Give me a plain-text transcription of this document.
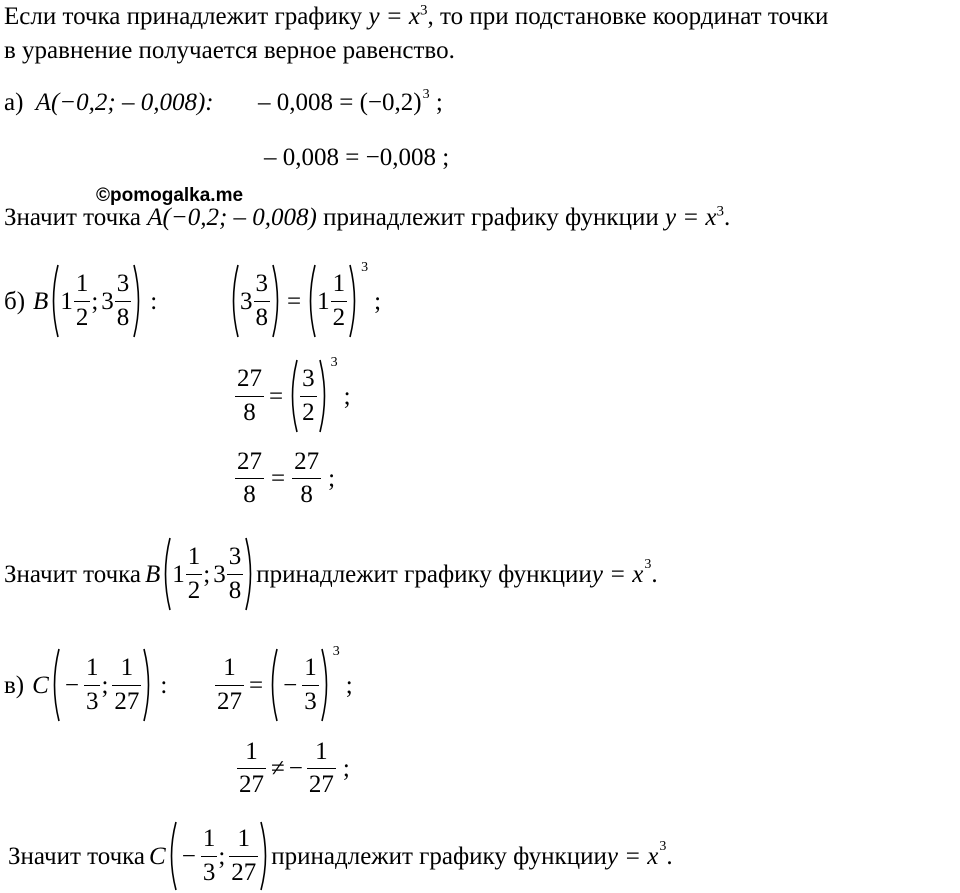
Если точка принадлежит графику $y = x^3$, то при подстановке координат точки
в уравнение получается верное равенство.
а) A(−0,2; – 0,008): – $0,008 = (-0,2)^3$ ;
– 0,008 = −0,008 ;
©pomogalka.me
Значит точка A(−0,2; – 0,008) принадлежит графику функции $y = x^3$.
б) B $1 \frac{1}{2}$ ; $3 \frac{3}{8}$ :	$3 \frac{3}{8} = 1 \frac{1}{2}$
3
;
$\frac{27}{8} = \frac{3}{2}$
3
;
$\frac{27}{8} = \frac{27}{8}$ ;
Значит точка B $1 \frac{1}{2}$ ; $3 \frac{3}{8}$ принадлежит графику функции y = x 3 .
в) $C - \frac{1}{3}$ ; $\frac{1}{27}$ : $\frac{1}{27}$ = − $\frac{1}{3}$
3
;
$\frac{1}{27}$ ≠ − $\frac{1}{27}$ ;
Значит точка $C - \frac{1}{3}$ ; $\frac{1}{27}$ принадлежит графику функции y = x 3 .
